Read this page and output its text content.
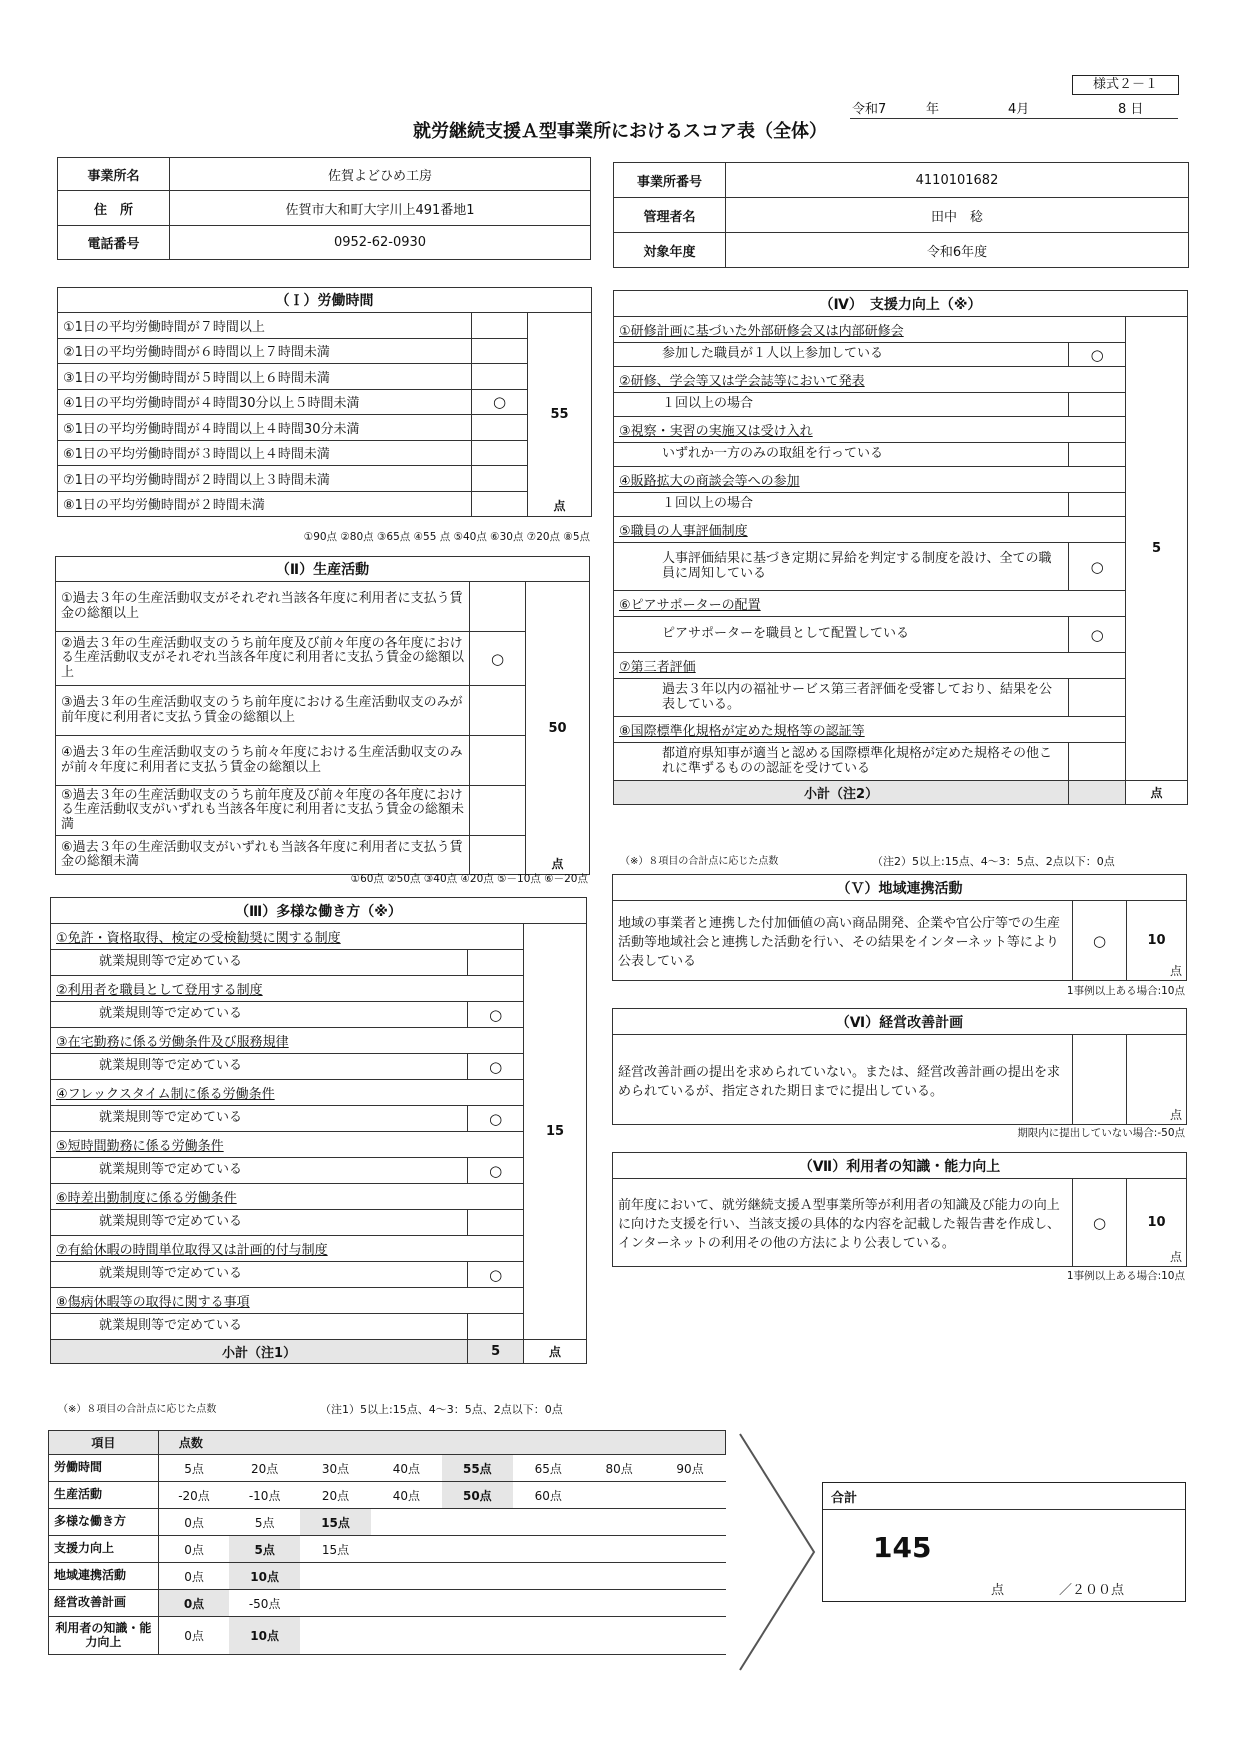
様式２－１
令和7	年	4月	8 日
就労継続支援Ａ型事業所におけるスコア表（全体）
事業所名	佐賀よどひめ工房
住　所	佐賀市大和町大字川上491番地1
電話番号	0952-62-0930
事業所番号	4110101682
管理者名	田中　稔
対象年度	令和6年度
（Ｉ）労働時間		
①1日の平均労働時間が７時間以上		55
点

②1日の平均労働時間が６時間以上７時間未満		
③1日の平均労働時間が５時間以上６時間未満		
④1日の平均労働時間が４時間30分以上５時間未満	○	
⑤1日の平均労働時間が４時間以上４時間30分未満		
⑥1日の平均労働時間が３時間以上４時間未満		
⑦1日の平均労働時間が２時間以上３時間未満		
⑧1日の平均労働時間が２時間未満		
①90点 ②80点 ③65点 ④55 点 ⑤40点 ⑥30点 ⑦20点 ⑧5点
（Ⅱ）生産活動		
①過去３年の生産活動収支がそれぞれ当該各年度に利用者に支払う賃金の総額以上		50
点

②過去３年の生産活動収支のうち前年度及び前々年度の各年度における生産活動収支がそれぞれ当該各年度に利用者に支払う賃金の総額以上	○	
③過去３年の生産活動収支のうち前年度における生産活動収支のみが前年度に利用者に支払う賃金の総額以上		
④過去３年の生産活動収支のうち前々年度における生産活動収支のみが前々年度に利用者に支払う賃金の総額以上		
⑤過去３年の生産活動収支のうち前年度及び前々年度の各年度における生産活動収支がいずれも当該各年度に利用者に支払う賃金の総額未満		
⑥過去３年の生産活動収支がいずれも当該各年度に利用者に支払う賃金の総額未満		
①60点 ②50点 ③40点 ④20点 ⑤－10点 ⑥－20点
（Ⅲ）多様な働き方（※）		
①免許・資格取得、検定の受検勧奨に関する制度		15
就業規則等で定めている		
②利用者を職員として登用する制度		
就業規則等で定めている	○	
③在宅勤務に係る労働条件及び服務規律		
就業規則等で定めている	○	
④フレックスタイム制に係る労働条件		
就業規則等で定めている	○	
⑤短時間勤務に係る労働条件		
就業規則等で定めている	○	
⑥時差出勤制度に係る労働条件		
就業規則等で定めている		
⑦有給休暇の時間単位取得又は計画的付与制度		
就業規則等で定めている	○	
⑧傷病休暇等の取得に関する事項		
就業規則等で定めている		
小計（注1）	5	点
（※）８項目の合計点に応じた点数	（注1）5以上:15点、4～3：5点、2点以下：0点
（Ⅳ）　支援力向上（※）		
①研修計画に基づいた外部研修会又は内部研修会		5
参加した職員が１人以上参加している	○	
②研修、学会等又は学会誌等において発表		
１回以上の場合		
③視察・実習の実施又は受け入れ		
いずれか一方のみの取組を行っている		
④販路拡大の商談会等への参加		
１回以上の場合		
⑤職員の人事評価制度		
人事評価結果に基づき定期に昇給を判定する制度を設け、全ての職員に周知している	○	
⑥ピアサポーターの配置		
ピアサポーターを職員として配置している	○	
⑦第三者評価		
過去３年以内の福祉サービス第三者評価を受審しており、結果を公表している。		
⑧国際標準化規格が定めた規格等の認証等		
都道府県知事が適当と認める国際標準化規格が定めた規格その他これに準ずるものの認証を受けている		
小計（注2）		点
（※）８項目の合計点に応じた点数	（注2）5以上:15点、4～3：5点、2点以下：0点
（Ｖ）地域連携活動
地域の事業者と連携した付加価値の高い商品開発、企業や官公庁等での生産活動等地域社会と連携した活動を行い、その結果をインターネット等により公表している	○	10
点
1事例以上ある場合:10点
（Ⅵ）経営改善計画
経営改善計画の提出を求められていない。または、経営改善計画の提出を求められているが、指定された期日までに提出している。		
点
期限内に提出していない場合:-50点
（Ⅶ）利用者の知識・能力向上
前年度において、就労継続支援Ａ型事業所等が利用者の知識及び能力の向上に向けた支援を行い、当該支援の具体的な内容を記載した報告書を作成し、インターネットの利用その他の方法により公表している。	○	10
点
1事例以上ある場合:10点
項目	点数							
労働時間	5点	20点	30点	40点	55点	65点	80点	90点
生産活動	-20点	-10点	20点	40点	50点	60点		
多様な働き方	0点	5点	15点					
支援力向上	0点	5点	15点					
地域連携活動	0点	10点						
経営改善計画	0点	-50点						
利用者の知識・能力向上	0点	10点						
合計
145
点	／２００点
